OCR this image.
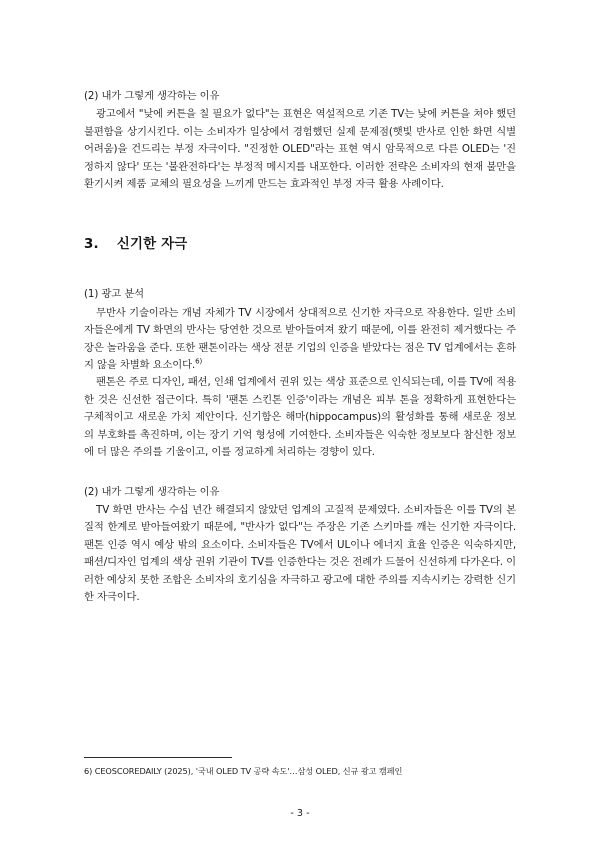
(2) 내가 그렇게 생각하는 이유

광고에서 "낮에 커튼을 칠 필요가 없다"는 표현은 역설적으로 기존 TV는 낮에 커튼을 쳐야 했던 불편함을 상기시킨다. 이는 소비자가 일상에서 경험했던 실제 문제점(햇빛 반사로 인한 화면 식별 어려움)을 건드리는 부정 자극이다. "진정한 OLED"라는 표현 역시 암묵적으로 다른 OLED는 '진정하지 않다' 또는 '불완전하다'는 부정적 메시지를 내포한다. 이러한 전략은 소비자의 현재 불만을 환기시켜 제품 교체의 필요성을 느끼게 만드는 효과적인 부정 자극 활용 사례이다.

3. 신기한 자극

(1) 광고 분석

무반사 기술이라는 개념 자체가 TV 시장에서 상대적으로 신기한 자극으로 작용한다. 일반 소비자들은에게 TV 화면의 반사는 당연한 것으로 받아들여져 왔기 때문에, 이를 완전히 제거했다는 주장은 놀라움을 준다. 또한 팬톤이라는 색상 전문 기업의 인증을 받았다는 점은 TV 업계에서는 흔하지 않을 차별화 요소이다.$^{6)}$

팬톤은 주로 디자인, 패션, 인쇄 업계에서 권위 있는 색상 표준으로 인식되는데, 이를 TV에 적용한 것은 신선한 접근이다. 특히 '팬톤 스킨톤 인증'이라는 개념은 피부 톤을 정확하게 표현한다는 구체적이고 새로운 가치 제안이다. 신기함은 해마(hippocampus)의 활성화를 통해 새로운 정보의 부호화를 촉진하며, 이는 장기 기억 형성에 기여한다. 소비자들은 익숙한 정보보다 참신한 정보에 더 많은 주의를 기울이고, 이를 정교하게 처리하는 경향이 있다.

(2) 내가 그렇게 생각하는 이유

TV 화면 반사는 수십 년간 해결되지 않았던 업계의 고질적 문제였다. 소비자들은 이를 TV의 본질적 한계로 받아들여왔기 때문에, "반사가 없다"는 주장은 기존 스키마를 깨는 신기한 자극이다. 팬톤 인증 역시 예상 밖의 요소이다. 소비자들은 TV에서 UL이나 에너지 효율 인증은 익숙하지만, 패션/디자인 업계의 색상 권위 기관이 TV를 인증한다는 것은 전례가 드물어 신선하게 다가온다. 이러한 예상치 못한 조합은 소비자의 호기심을 자극하고 광고에 대한 주의를 지속시키는 강력한 신기한 자극이다.

6) CEOSCOREDAILY (2025), '국내 OLED TV 공략 속도'…삼성 OLED, 신규 광고 캠페인

- 3 -
